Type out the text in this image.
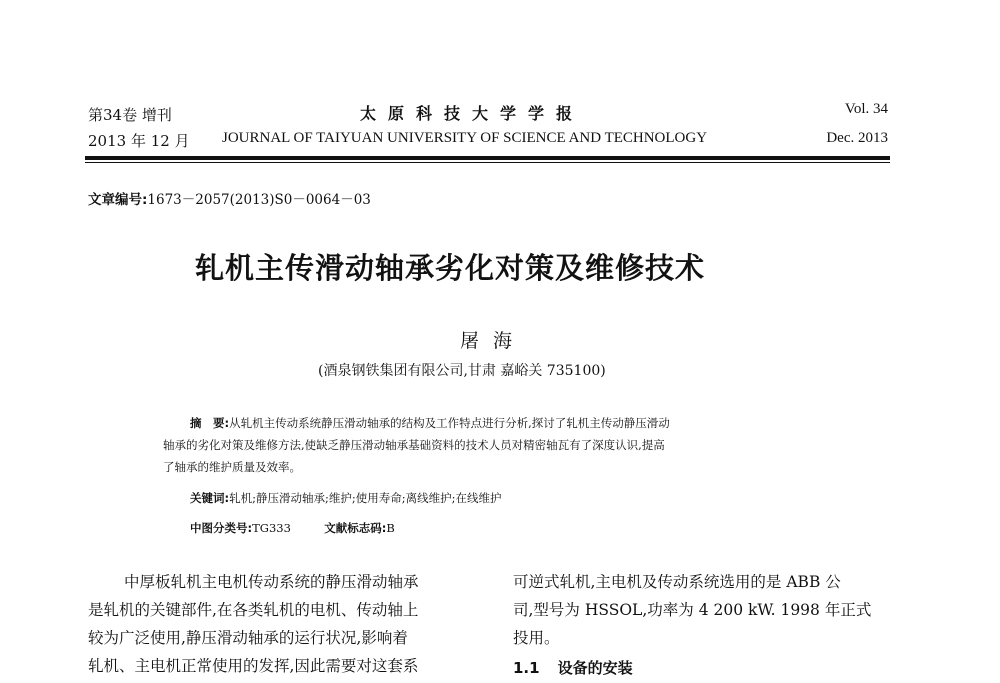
第34卷 增刊
2013 年 12 月
太原科技大学学报
JOURNAL OF TAIYUAN UNIVERSITY OF SCIENCE AND TECHNOLOGY
Vol. 34
Dec. 2013
文章编号:1673－2057(2013)S0－0064－03
轧机主传滑动轴承劣化对策及维修技术
屠海
(酒泉钢铁集团有限公司,甘肃 嘉峪关 735100)
摘　要:从轧机主传动系统静压滑动轴承的结构及工作特点进行分析,探讨了轧机主传动静压滑动
轴承的劣化对策及维修方法,使缺乏静压滑动轴承基础资料的技术人员对精密轴瓦有了深度认识,提高
了轴承的维护质量及效率。
关键词:轧机;静压滑动轴承;维护;使用寿命;离线维护;在线维护
中图分类号:TG333	文献标志码:B
中厚板轧机主电机传动系统的静压滑动轴承
是轧机的关键部件,在各类轧机的电机、传动轴上
较为广泛使用,静压滑动轴承的运行状况,影响着
轧机、主电机正常使用的发挥,因此需要对这套系
可逆式轧机,主电机及传动系统选用的是 ABB 公
司,型号为 HSSOL,功率为 4 200 kW. 1998 年正式
投用。
1.1 设备的安装
